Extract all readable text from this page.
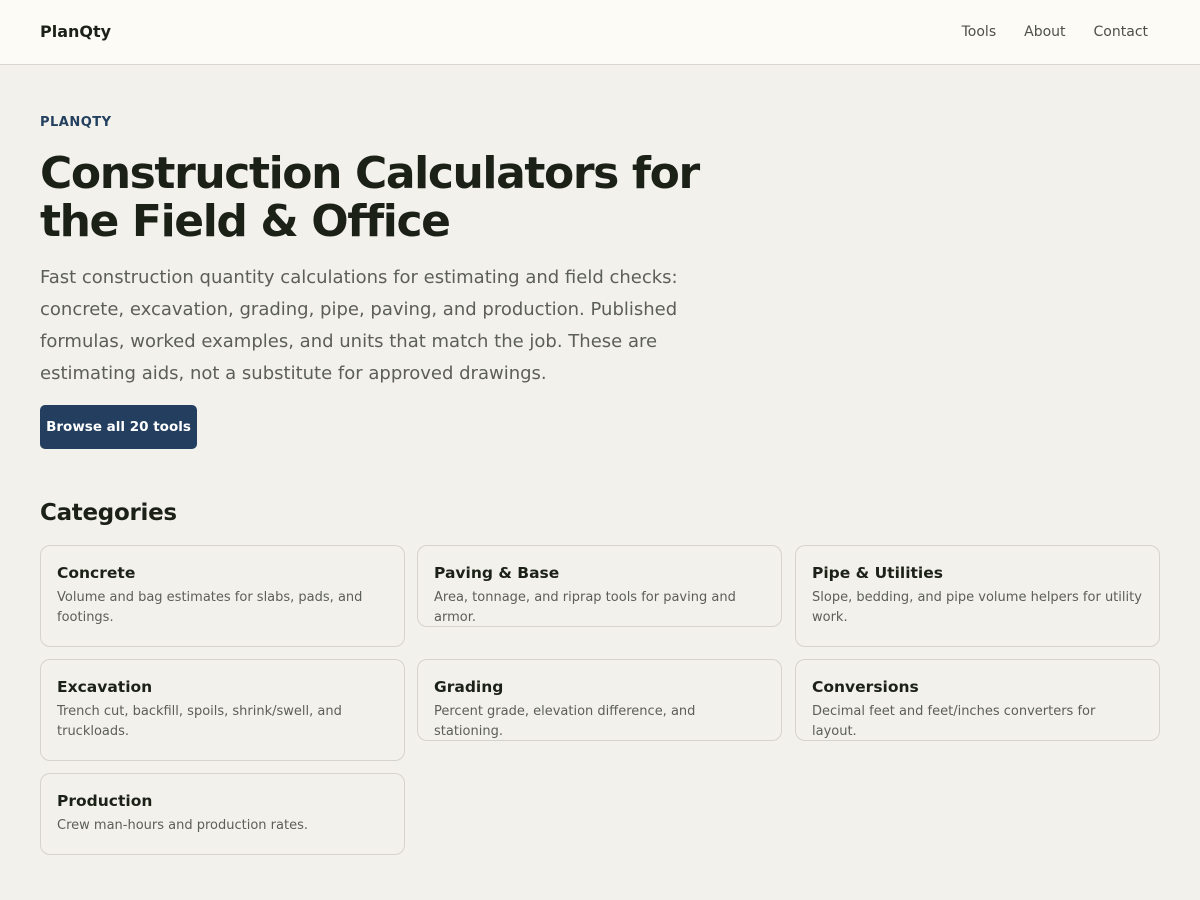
PlanQty	Tools About Contact
PLANQTY
Construction Calculators for the Field & Office

Fast construction quantity calculations for estimating and field checks: concrete, excavation, grading, pipe, paving, and production. Published formulas, worked examples, and units that match the job. These are estimating aids, not a substitute for approved drawings.

Browse all 20 tools
Categories
Concrete

Volume and bag estimates for slabs, pads, and footings.

Paving & Base

Area, tonnage, and riprap tools for paving and armor.

Pipe & Utilities

Slope, bedding, and pipe volume helpers for utility work.

Excavation

Trench cut, backfill, spoils, shrink/swell, and truckloads.

Grading

Percent grade, elevation difference, and stationing.

Conversions

Decimal feet and feet/inches converters for layout.

Production

Crew man-hours and production rates.
